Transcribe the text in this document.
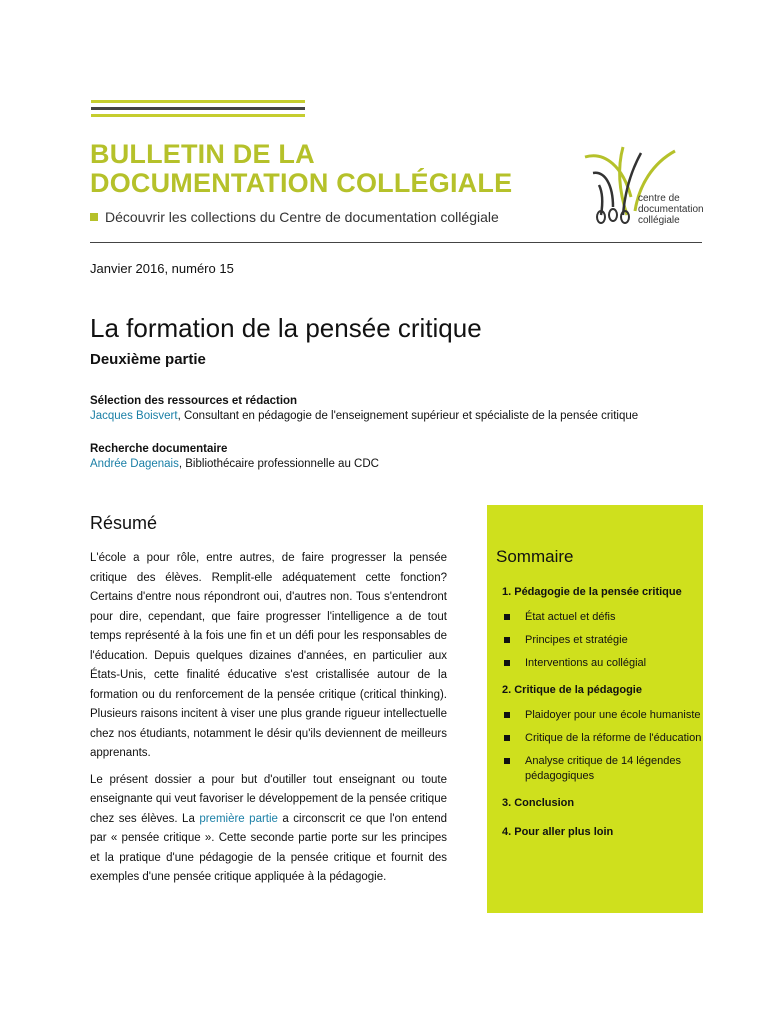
BULLETIN DE LA
DOCUMENTATION COLLÉGIALE
Découvrir les collections du Centre de documentation collégiale
centre de
documentation
collégiale
Janvier 2016, numéro 15
La formation de la pensée critique
Deuxième partie
Sélection des ressources et rédaction
Jacques Boisvert, Consultant en pédagogie de l'enseignement supérieur et spécialiste de la pensée critique
Recherche documentaire
Andrée Dagenais, Bibliothécaire professionnelle au CDC
Résumé

L'école a pour rôle, entre autres, de faire progresser la pensée critique des élèves. Remplit-elle adéquatement cette fonction? Certains d'entre nous répondront oui, d'autres non. Tous s'entendront pour dire, cependant, que faire progresser l'intelligence a de tout temps représenté à la fois une fin et un défi pour les responsables de l'éducation. Depuis quelques dizaines d'années, en particulier aux États-Unis, cette finalité éducative s'est cristallisée autour de la formation ou du renforcement de la pensée critique (critical thinking). Plusieurs raisons incitent à viser une plus grande rigueur intellectuelle chez nos étudiants, notamment le désir qu'ils deviennent de meilleurs apprenants.

Le présent dossier a pour but d'outiller tout enseignant ou toute enseignante qui veut favoriser le développement de la pensée critique chez ses élèves. La première partie a circonscrit ce que l'on entend par « pensée critique ». Cette seconde partie porte sur les principes et la pratique d'une pédagogie de la pensée critique et fournit des exemples d'une pensée critique appliquée à la pédagogie.

Sommaire
1. Pédagogie de la pensée critique
État actuel et défis
Principes et stratégie
Interventions au collégial
2. Critique de la pédagogie
Plaidoyer pour une école humaniste
Critique de la réforme de l'éducation
Analyse critique de 14 légendes pédagogiques
3. Conclusion
4. Pour aller plus loin
